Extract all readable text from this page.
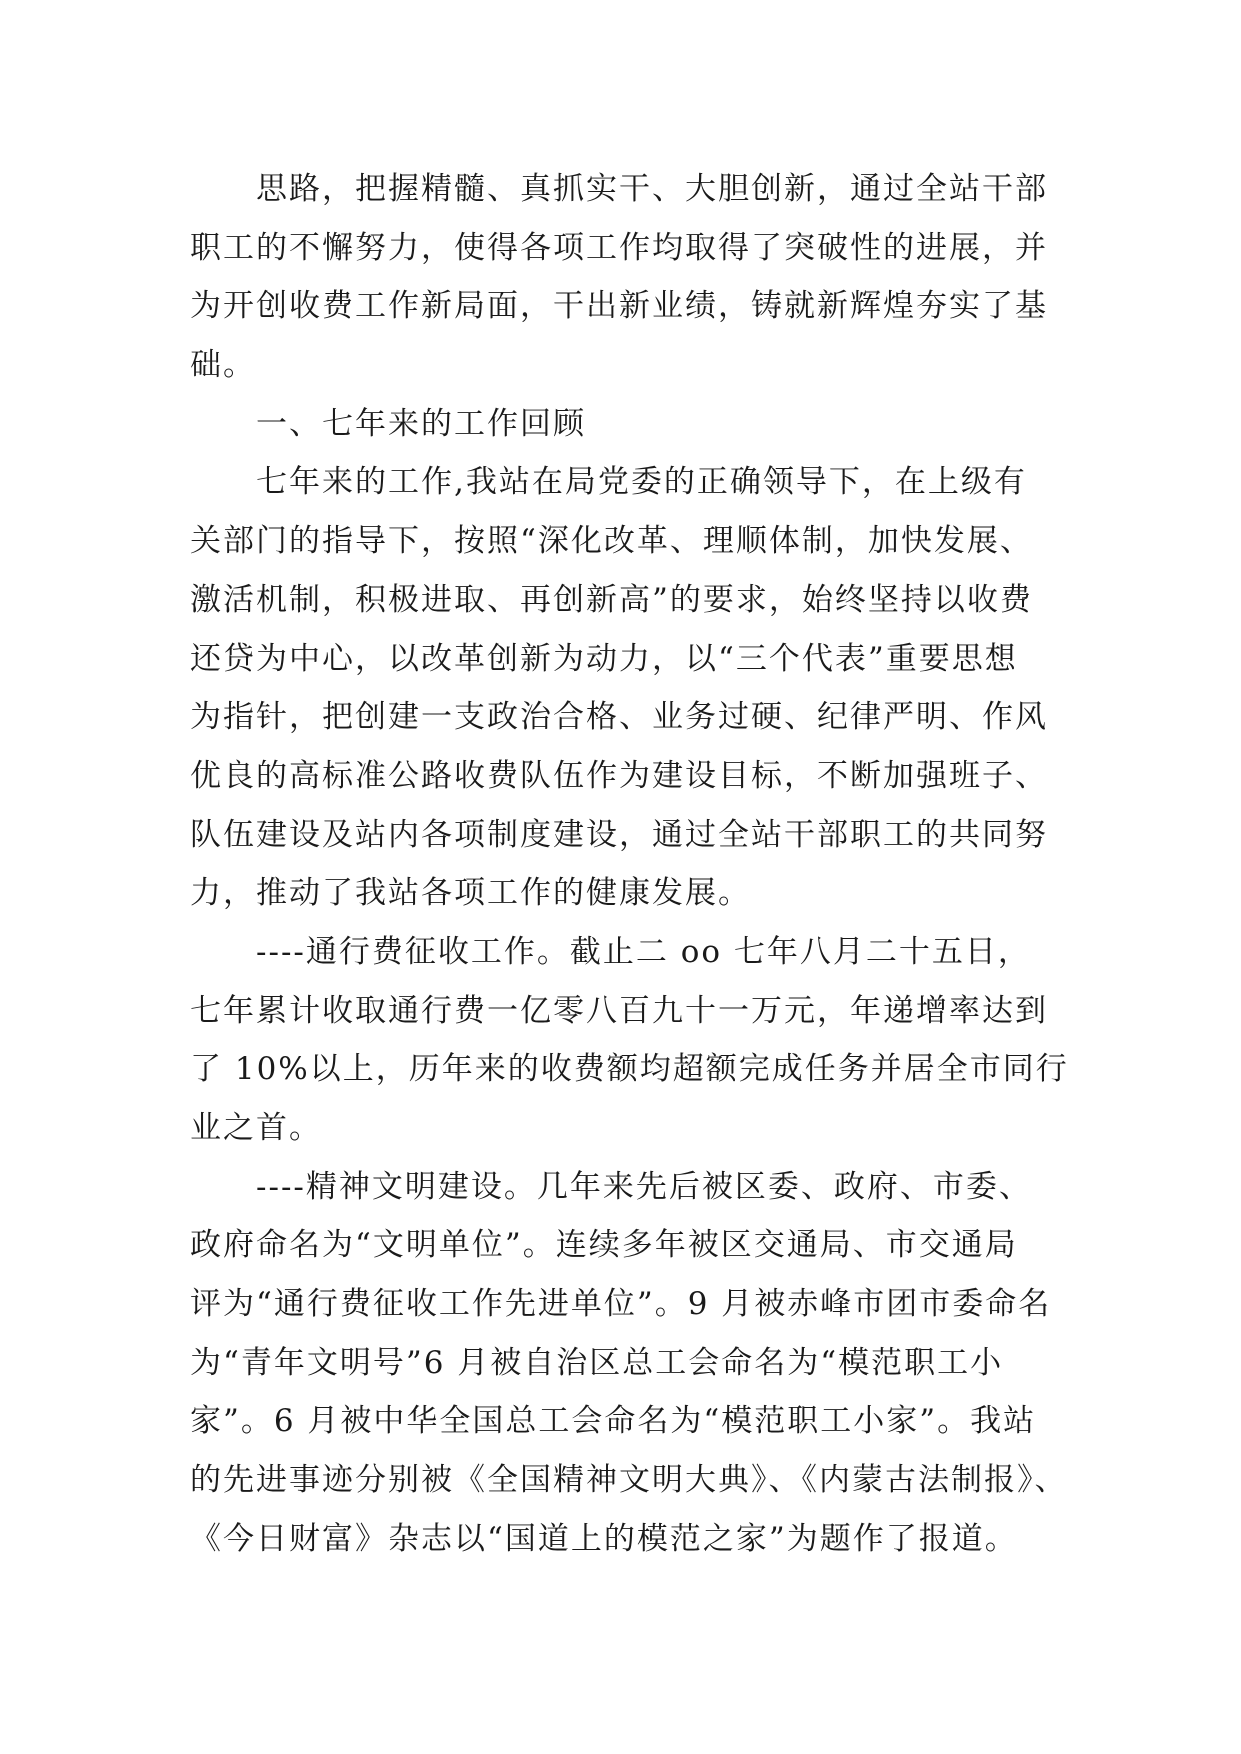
思路，把握精髓、真抓实干、大胆创新，通过全站干部
职工的不懈努力，使得各项工作均取得了突破性的进展，并
为开创收费工作新局面，干出新业绩，铸就新辉煌夯实了基
础。
一、七年来的工作回顾
七年来的工作,我站在局党委的正确领导下，在上级有
关部门的指导下，按照“深化改革、理顺体制，加快发展、
激活机制，积极进取、再创新高”的要求，始终坚持以收费
还贷为中心，以改革创新为动力，以“三个代表”重要思想
为指针，把创建一支政治合格、业务过硬、纪律严明、作风
优良的高标准公路收费队伍作为建设目标，不断加强班子、
队伍建设及站内各项制度建设，通过全站干部职工的共同努
力，推动了我站各项工作的健康发展。
----通行费征收工作。截止二 oo 七年八月二十五日，
七年累计收取通行费一亿零八百九十一万元，年递增率达到
了 10%以上，历年来的收费额均超额完成任务并居全市同行
业之首。
----精神文明建设。几年来先后被区委、政府、市委、
政府命名为“文明单位”。连续多年被区交通局、市交通局
评为“通行费征收工作先进单位”。9 月被赤峰市团市委命名
为“青年文明号”6 月被自治区总工会命名为“模范职工小
家”。6 月被中华全国总工会命名为“模范职工小家”。我站
的先进事迹分别被《全国精神文明大典》、《内蒙古法制报》、
《今日财富》杂志以“国道上的模范之家”为题作了报道。
